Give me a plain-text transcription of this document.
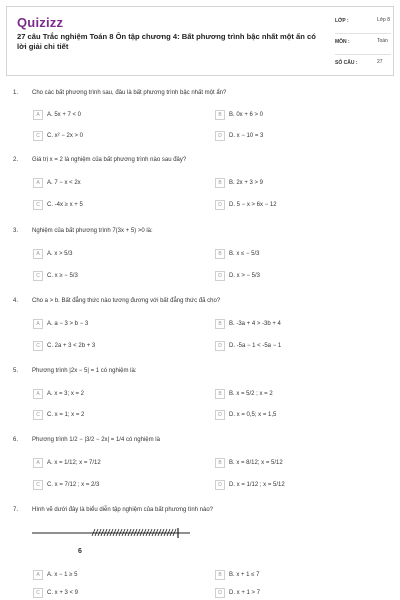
Quizizz
27 câu Trắc nghiệm Toán 8 Ôn tập chương 4: Bất phương trình bậc nhất một ẩn có lời giải chi tiết
LỚP :	Lớp 8
MÔN :	Toán
SỐ CÂU :	27
1. Cho các bất phương trình sau, đâu là bất phương trình bậc nhất một ẩn?
A	A. 5x + 7 < 0	B	B. 0x + 6 > 0
C	C. x² − 2x > 0	D	D. x − 10 = 3
2. Giá trị x = 2 là nghiệm của bất phương trình nào sau đây?
A	A. 7 − x < 2x	B	B. 2x + 3 > 9
C	C. -4x ≥ x + 5	D	D. 5 − x > 6x − 12
3. Nghiệm của bất phương trình 7(3x + 5) >0 là:
A	A. x > 5/3	B	B. x ≤ − 5/3
C	C. x ≥ − 5/3	D	D. x > − 5/3
4. Cho a > b. Bất đẳng thức nào tương đương với bất đẳng thức đã cho?
A	A. a − 3 > b − 3	B	B. -3a + 4 > -3b + 4
C	C. 2a + 3 < 2b + 3	D	D. -5a − 1 < -5a − 1
5. Phương trình |2x − 5| = 1 có nghiệm là:
A	A. x = 3; x = 2	B	B. x = 5/2 ; x = 2
C	C. x = 1; x = 2	D	D. x = 0,5; x = 1,5
6. Phương trình 1/2 − |3/2 − 2x| = 1/4 có nghiệm là
A	A. x = 1/12; x = 7/12	B	B. x = 8/12; x = 5/12
C	C. x = 7/12 ; x = 2/3	D	D. x = 1/12 ; x = 5/12
7. Hình vẽ dưới đây là biểu diễn tập nghiệm của bất phương tình nào?
6
A	A. x − 1 ≥ 5	B	B. x + 1 ≤ 7
C	C. x + 3 < 9	D	D. x + 1 > 7
